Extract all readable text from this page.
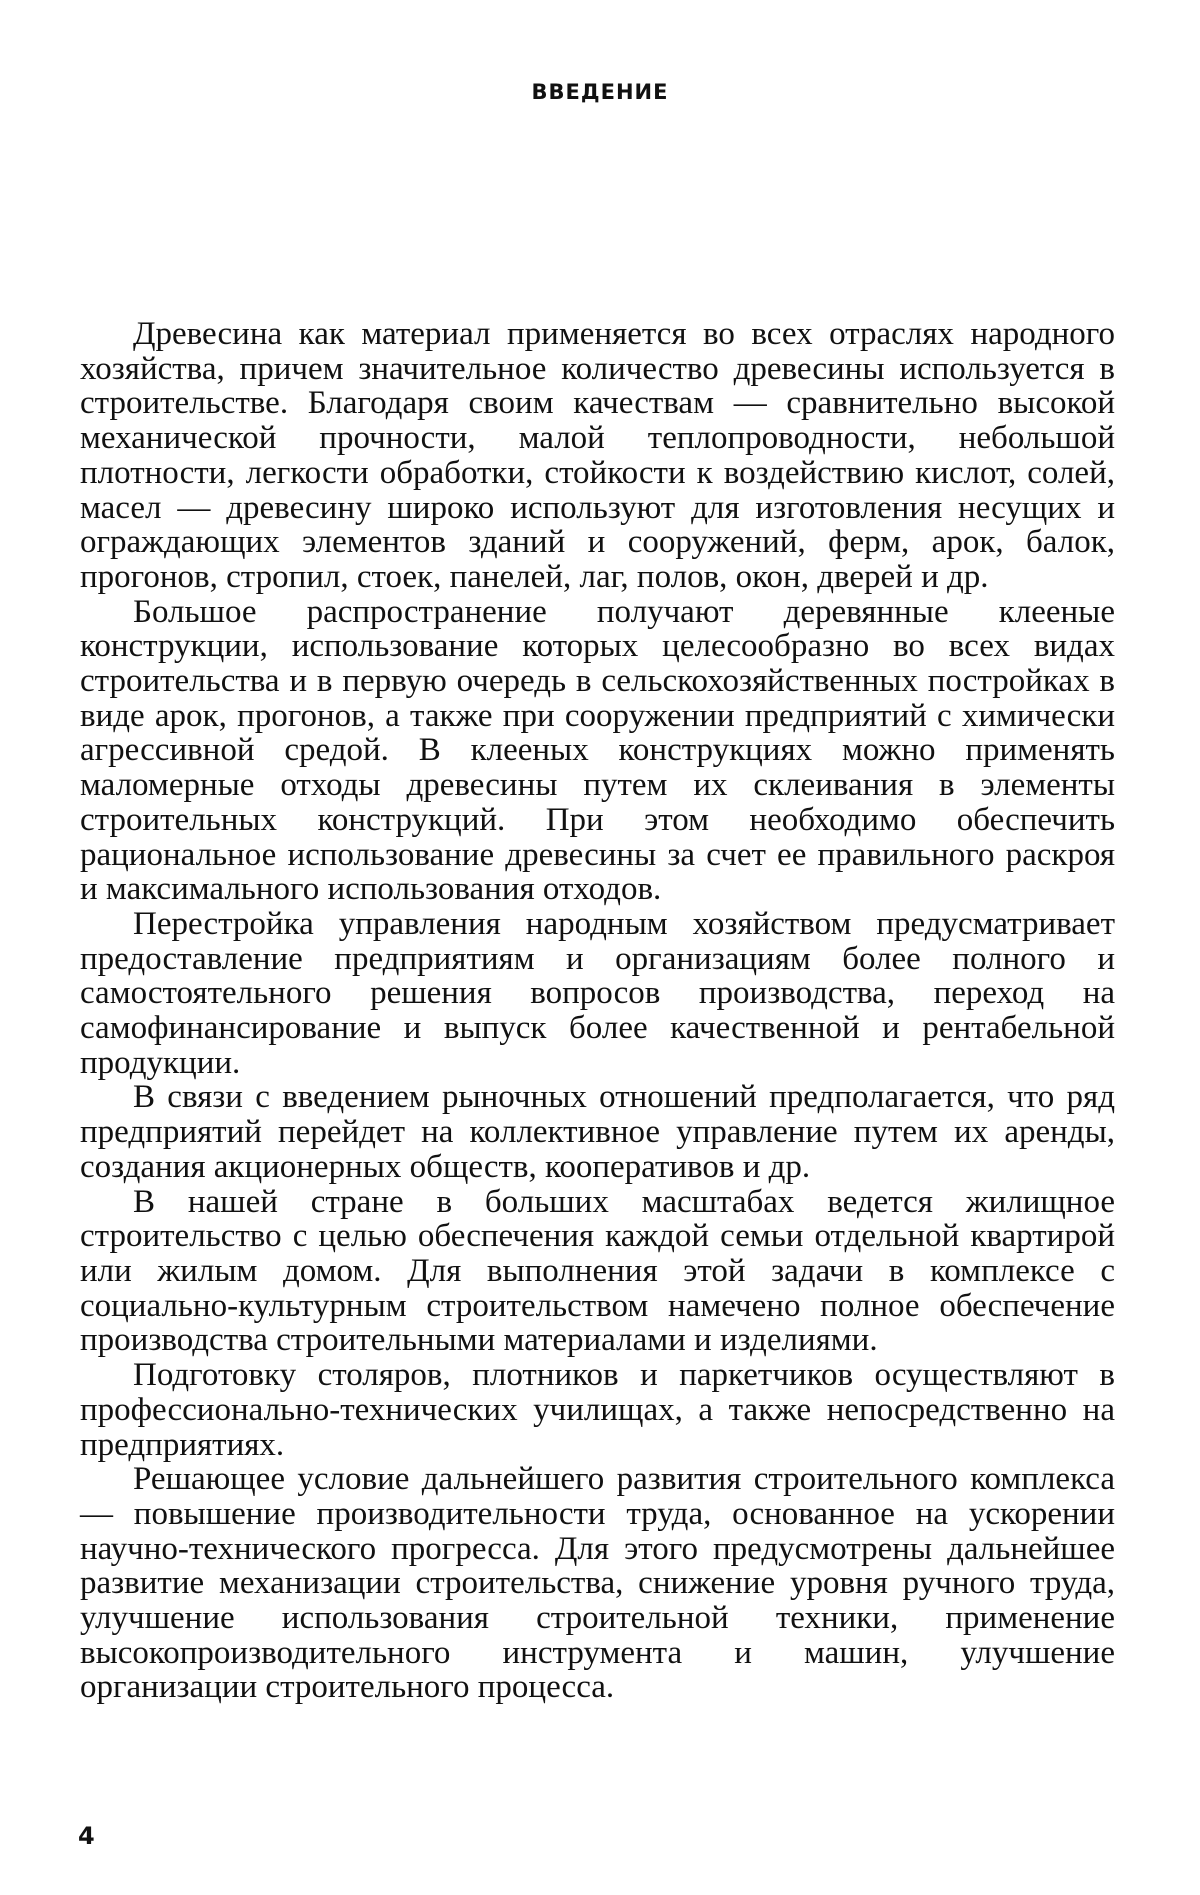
ВВЕДЕНИЕ

Древесина как материал применяется во всех отраслях народного хозяйства, причем значительное количество древесины используется в строительстве. Благодаря своим качествам — сравнительно высокой механической прочности, малой теплопроводности, небольшой плотности, легкости обработки, стойкости к воздействию кислот, солей, масел — древесину широко используют для изготовления несущих и ограждающих элементов зданий и сооружений, ферм, арок, балок, прогонов, стропил, стоек, панелей, лаг, полов, окон, дверей и др.

Большое распространение получают деревянные клееные конструкции, использование которых целесообразно во всех видах строительства и в первую очередь в сельскохозяйственных постройках в виде арок, прогонов, а также при сооружении предприятий с химически агрессивной средой. В клееных конструкциях можно применять маломерные отходы древесины путем их склеивания в элементы строительных конструкций. При этом необходимо обеспечить рациональное использование древесины за счет ее правильного раскроя и максимального использования отходов.

Перестройка управления народным хозяйством предусматривает предоставление предприятиям и организациям более полного и самостоятельного решения вопросов производства, переход на самофинансирование и выпуск более качественной и рентабельной продукции.

В связи с введением рыночных отношений предполагается, что ряд предприятий перейдет на коллективное управление путем их аренды, создания акционерных обществ, кооперативов и др.

В нашей стране в больших масштабах ведется жилищное строительство с целью обеспечения каждой семьи отдельной квартирой или жилым домом. Для выполнения этой задачи в комплексе с социально-культурным строительством намечено полное обеспечение производства строительными материалами и изделиями.

Подготовку столяров, плотников и паркетчиков осуществляют в профессионально-технических училищах, а также непосредственно на предприятиях.

Решающее условие дальнейшего развития строительного комплекса — повышение производительности труда, основанное на ускорении научно-технического прогресса. Для этого предусмотрены дальнейшее развитие механизации строительства, снижение уровня ручного труда, улучшение использования строительной техники, применение высокопроизводительного инструмента и машин, улучшение организации строительного процесса.

4
